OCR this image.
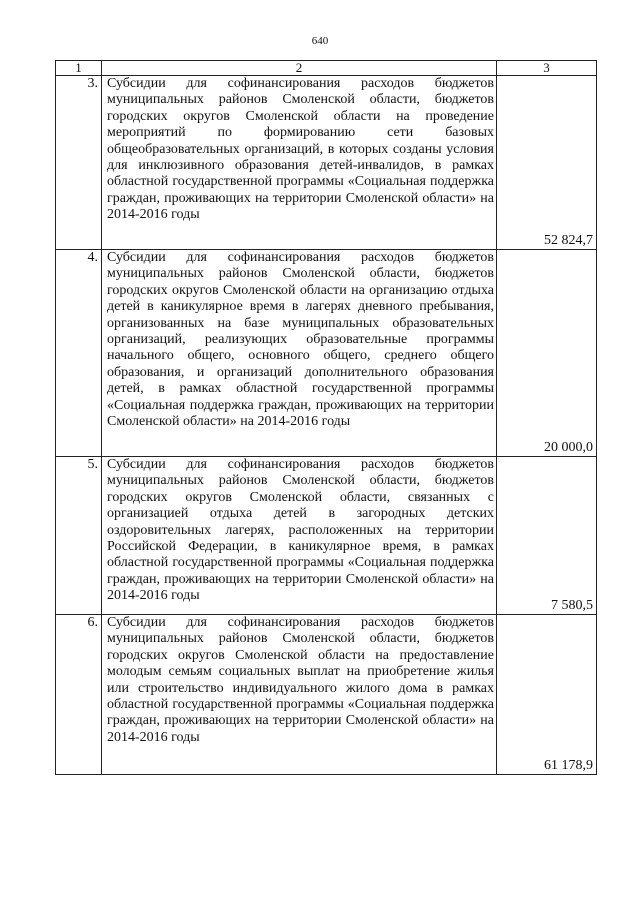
640
1	2	3
3.	Субсидии для софинансирования расходов бюджетов муниципальных районов Смоленской области, бюджетов городских округов Смоленской области на проведение мероприятий по формированию сети базовых общеобразовательных организаций, в которых созданы условия для инклюзивного образования детей-инвалидов, в рамках областной государственной программы «Социальная поддержка граждан, проживающих на территории Смоленской области» на 2014-2016 годы	52 824,7
4.	Субсидии для софинансирования расходов бюджетов муниципальных районов Смоленской области, бюджетов городских округов Смоленской области на организацию отдыха детей в каникулярное время в лагерях дневного пребывания, организованных на базе муниципальных образовательных организаций, реализующих образовательные программы начального общего, основного общего, среднего общего образования, и организаций дополнительного образования детей, в рамках областной государственной программы «Социальная поддержка граждан, проживающих на территории Смоленской области» на 2014-2016 годы	20 000,0
5.	Субсидии для софинансирования расходов бюджетов муниципальных районов Смоленской области, бюджетов городских округов Смоленской области, связанных с организацией отдыха детей в загородных детских оздоровительных лагерях, расположенных на территории Российской Федерации, в каникулярное время, в рамках областной государственной программы «Социальная поддержка граждан, проживающих на территории Смоленской области» на 2014-2016 годы	7 580,5
6.	Субсидии для софинансирования расходов бюджетов муниципальных районов Смоленской области, бюджетов городских округов Смоленской области на предоставление молодым семьям социальных выплат на приобретение жилья или строительство индивидуального жилого дома в рамках областной государственной программы «Социальная поддержка граждан, проживающих на территории Смоленской области» на 2014-2016 годы	61 178,9
